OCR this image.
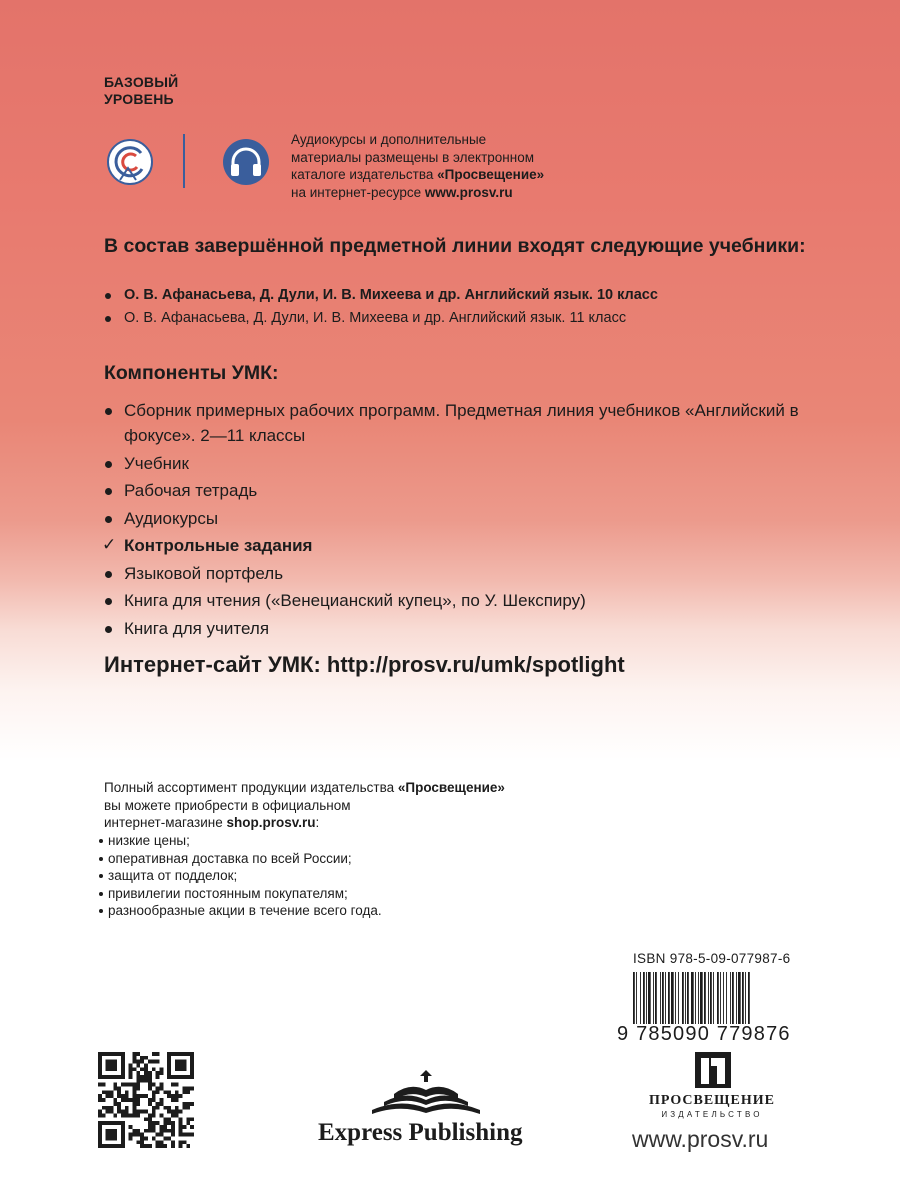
БАЗОВЫЙ
УРОВЕНЬ
Аудиокурсы и дополнительные
материалы размещены в электронном
каталоге издательства «Просвещение»
на интернет-ресурсе www.prosv.ru
В состав завершённой предметной линии входят следующие учебники:
О. В. Афанасьева, Д. Дули, И. В. Михеева и др. Английский язык. 10 класс
О. В. Афанасьева, Д. Дули, И. В. Михеева и др. Английский язык. 11 класс
Компоненты УМК:
Сборник примерных рабочих программ. Предметная линия учебников «Английский в фокусе». 2—11 классы
Учебник
Рабочая тетрадь
Аудиокурсы
✓ Контрольные задания
Языковой портфель
Книга для чтения («Венецианский купец», по У. Шекспиру)
Книга для учителя
Интернет-сайт УМК: http://prosv.ru/umk/spotlight
Полный ассортимент продукции издательства «Просвещение»
вы можете приобрести в официальном
интернет-магазине shop.prosv.ru:
низкие цены;
оперативная доставка по всей России;
защита от подделок;
привилегии постоянным покупателям;
разнообразные акции в течение всего года.
ISBN 978-5-09-077987-6
9 785090 779876
Express Publishing
ПРОСВЕЩЕНИЕ
ИЗДАТЕЛЬСТВО
www.prosv.ru
